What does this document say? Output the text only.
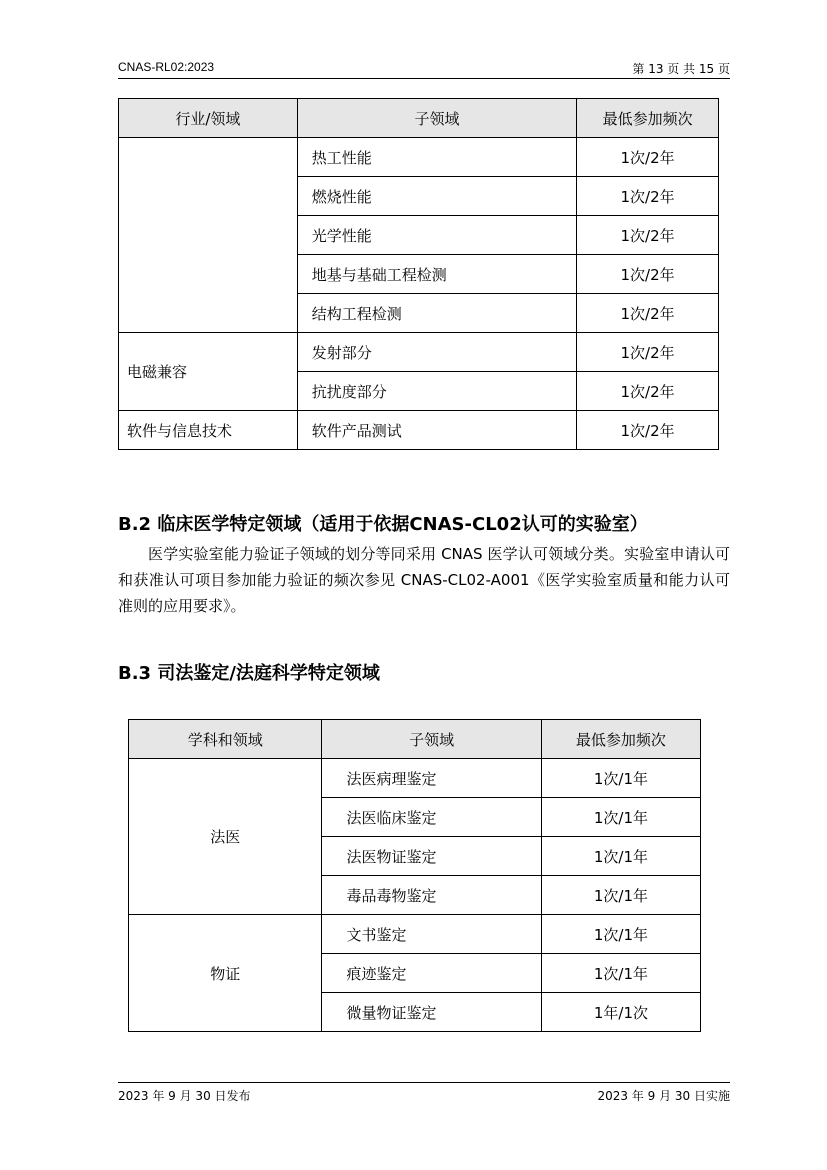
CNAS-RL02:2023	第 13 页 共 15 页
行业/领域	子领域	最低参加频次
	热工性能	1次/2年
	燃烧性能	1次/2年
	光学性能	1次/2年
	地基与基础工程检测	1次/2年
	结构工程检测	1次/2年
电磁兼容	发射部分	1次/2年
	抗扰度部分	1次/2年
软件与信息技术	软件产品测试	1次/2年
B.2 临床医学特定领域（适用于依据CNAS-CL02认可的实验室）
医学实验室能力验证子领域的划分等同采用 CNAS 医学认可领域分类。实验室申请认可和获准认可项目参加能力验证的频次参见 CNAS-CL02-A001《医学实验室质量和能力认可准则的应用要求》。
B.3 司法鉴定/法庭科学特定领域
学科和领域	子领域	最低参加频次
法医	法医病理鉴定	1次/1年
	法医临床鉴定	1次/1年
	法医物证鉴定	1次/1年
	毒品毒物鉴定	1次/1年
物证	文书鉴定	1次/1年
	痕迹鉴定	1次/1年
	微量物证鉴定	1年/1次
2023 年 9 月 30 日发布	2023 年 9 月 30 日实施
